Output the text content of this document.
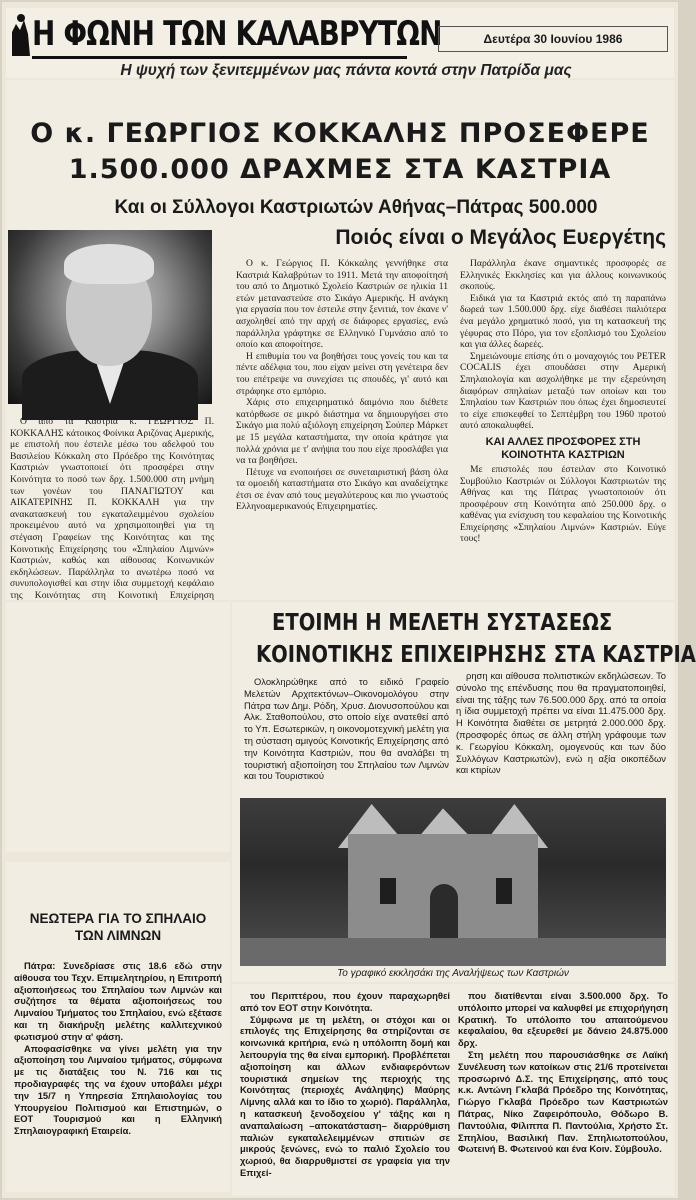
Η ΦΩΝΗ ΤΩΝ ΚΑΛΑΒΡΥΤΩΝ	Δευτέρα 30 Ιουνίου 1986
Η ψυχή των ξενιτεμμένων μας πάντα κοντά στην Πατρίδα μας
Ο κ. ΓΕΩΡΓΙΟΣ ΚΟΚΚΑΛΗΣ ΠΡΟΣΕΦΕΡΕ
1.500.000 ΔΡΑΧΜΕΣ ΣΤΑ ΚΑΣΤΡΙΑ
Και οι Σύλλογοι Καστριωτών Αθήνας–Πάτρας 500.000
Ποιός είναι ο Μεγάλος Ευεργέτης

Ο από τα Καστριά κ. ΓΕΩΡΓΙΟΣ Π. ΚΟΚΚΑΛΗΣ κάτοικος Φοίνικα Αριζόνας Αμερικής, με επιστολή που έστειλε μέσω του αδελφού του Βασιλείου Κόκκαλη στο Πρόεδρο της Κοινότητας Καστριών γνωστοποιεί ότι προσφέρει στην Κοινότητα το ποσό των δρχ. 1.500.000 στη μνήμη των γονέων του ΠΑΝΑΓΙΩΤΟΥ και ΑΙΚΑΤΕΡΙΝΗΣ Π. ΚΟΚΚΑΛΗ για την ανακατασκευή του εγκαταλειμμένου σχολείου προκειμένου αυτό να χρησιμοποιηθεί για τη στέγαση Γραφείων της Κοινότητας και της Κοινοτικής Επιχείρησης του «Σπηλαίου Λιμνών» Καστριών, καθώς και αίθουσας Κοινωνικών εκδηλώσεων. Παράλληλα το ανωτέρω ποσό να συνυπολογισθεί και στην ίδια συμμετοχή κεφάλαιο της Κοινότητας στη Κοινοτική Επιχείρηση

Ο κ. Γεώργιος Π. Κόκκαλης γεννήθηκε στα Καστριά Καλαβρύτων το 1911. Μετά την αποφοίτησή του από το Δημοτικό Σχολείο Καστριών σε ηλικία 11 ετών μεταναστεύσε στο Σικάγο Αμερικής. Η ανάγκη για εργασία που τον έστειλε στην ξενιτιά, τον έκανε ν' ασχοληθεί από την αρχή σε διάφορες εργασίες, ενώ παράλληλα γράφτηκε σε Ελληνικό Γυμνάσιο από το οποίο και αποφοίτησε.

Η επιθυμία του να βοηθήσει τους γονείς του και τα πέντε αδέλφια του, που είχαν μείνει στη γενέτειρα δεν του επέτρεψε να συνεχίσει τις σπουδές, γι' αυτό και στράφηκε στο εμπόριο.

Χάρις στο επιχειρηματικό δαιμόνιο που διέθετε κατόρθωσε σε μικρό διάστημα να δημιουργήσει στο Σικάγο μια πολύ αξιόλογη επιχείρηση Σούπερ Μάρκετ με 15 μεγάλα καταστήματα, την οποία κράτησε για πολλά χρόνια με τ' ανήψια του που είχε προσλάβει για να τα βοηθήσει.

Πέτυχε να ενοποιήσει σε συνεταιριστική βάση όλα τα ομοειδή καταστήματα στο Σικάγο και αναδείχτηκε έτσι σε έναν από τους μεγαλύτερους και πιο γνωστούς Ελληνοαμερικανούς Επιχειρηματίες.

Παράλληλα έκανε σημαντικές προσφορές σε Ελληνικές Εκκλησίες και για άλλους κοινωνικούς σκοπούς.

Ειδικά για τα Καστριά εκτός από τη παραπάνω δωρεά των 1.500.000 δρχ. είχε διαθέσει παλιότερα ένα μεγάλο χρηματικό ποσό, για τη κατασκευή της γέφυρας στο Πόρο, για τον εξοπλισμό του Σχολείου και για άλλες δωρεές.

Σημειώνουμε επίσης ότι ο μοναχογιός του PETER COCALIS έχει σπουδάσει στην Αμερική Σπηλαιολογία και ασχολήθηκε με την εξερεύνηση διαφόρων σπηλαίων μεταξύ των οποίων και του Σπηλαίου των Καστριών που όπως έχει δημοσιευτεί το είχε επισκεφθεί το Σεπτέμβρη του 1960 προτού αυτό αποκαλυφθεί.

ΚΑΙ ΑΛΛΕΣ ΠΡΟΣΦΟΡΕΣ ΣΤΗ ΚΟΙΝΟΤΗΤΑ ΚΑΣΤΡΙΩΝ

Με επιστολές που έστειλαν στο Κοινοτικό Συμβούλιο Καστριών οι Σύλλογοι Καστριωτών της Αθήνας και της Πάτρας γνωστοποιούν ότι προσφέρουν στη Κοινότητα από 250.000 δρχ. ο καθένας για ενίσχυση του κεφαλαίου της Κοινοτικής Επιχείρησης «Σπηλαίου Λιμνών» Καστριών. Εύγε τους!

ΕΤΟΙΜΗ Η ΜΕΛΕΤΗ ΣΥΣΤΑΣΕΩΣ
ΚΟΙΝΟΤΙΚΗΣ ΕΠΙΧΕΙΡΗΣΗΣ ΣΤΑ ΚΑΣΤΡΙΑ

Ολοκληρώθηκε από το ειδικό Γραφείο Μελετών Αρχιτεκτόνων–Οικονομολόγου στην Πάτρα των Δημ. Ρόδη, Χρυσ. Διονυσοπούλου και Αλκ. Σταθοπούλου, στο οποίο είχε ανατεθεί από το Υπ. Εσωτερικών, η οικονομοτεχνική μελέτη για τη σύσταση αμιγούς Κοινοτικής Επιχείρησης από την Κοινότητα Καστριών, που θα αναλάβει τη τουριστική αξιοποίηση του Σπηλαίου των Λιμνών και του Τουριστικού

ρηση και αίθουσα πολιτιστικών εκδηλώσεων. Το σύνολο της επένδυσης που θα πραγματοποιηθεί, είναι της τάξης των 76.500.000 δρχ. από τα οποία η ίδια συμμετοχή πρέπει να είναι 11.475.000 δρχ. Η Κοινότητα διαθέτει σε μετρητά 2.000.000 δρχ. (προσφορές όπως σε άλλη στήλη γράφουμε των κ. Γεωργίου Κόκκαλη, ομογενούς και των δύο Συλλόγων Καστριωτών), ενώ η αξία οικοπέδων και κτιρίων

Το γραφικό εκκλησάκι της Αναλήψεως των Καστριών
ΝΕΩΤΕΡΑ ΓΙΑ ΤΟ ΣΠΗΛΑΙΟ ΤΩΝ ΛΙΜΝΩΝ

Πάτρα: Συνεδρίασε στις 18.6 εδώ στην αίθουσα του Τεχν. Επιμελητηρίου, η Επιτροπή αξιοποιήσεως του Σπηλαίου των Λιμνών και συζήτησε τα θέματα αξιοποιήσεως του Λιμναίου Τμήματος του Σπηλαίου, ενώ εξέτασε και τη διακήρυξη μελέτης καλλιτεχνικού φωτισμού στην α' φάση.

Αποφασίσθηκε να γίνει μελέτη για την αξιοποίηση του Λιμναίου τμήματος, σύμφωνα με τις διατάξεις του Ν. 716 και τις προδιαγραφές της να έχουν υποβάλει μέχρι την 15/7 η Υπηρεσία Σπηλαιολογίας του Υπουργείου Πολιτισμού και Επιστημών, ο ΕΟΤ Τουρισμού και η Ελληνική Σπηλαιογραφική Εταιρεία.

του Περιπτέρου, που έχουν παραχωρηθεί από τον ΕΟΤ στην Κοινότητα.

Σύμφωνα με τη μελέτη, οι στόχοι και οι επιλογές της Επιχείρησης θα στηρίζονται σε κοινωνικά κριτήρια, ενώ η υπόλοιπη δομή και λειτουργία της θα είναι εμπορική. Προβλέπεται αξιοποίηση και άλλων ενδιαφερόντων τουριστικά σημείων της περιοχής της Κοινότητας (περιοχές Ανάληψης) Μαύρης Λίμνης αλλά και το ίδιο το χωριό). Παράλληλα, η κατασκευή ξενοδοχείου γ' τάξης και η αναπαλαίωση –αποκατάσταση– διαρρύθμιση παλιών εγκαταλελειμμένων σπιτιών σε μικρούς ξενώνες, ενώ το παλιό Σχολείο του χωριού, θα διαρρυθμιστεί σε γραφεία για την Επιχεί-

που διατίθενται είναι 3.500.000 δρχ. Το υπόλοιπο μπορεί να καλυφθεί με επιχορήγηση Κρατική. Το υπόλοιπο του απαιτούμενου κεφαλαίου, θα εξευρεθεί με δάνειο 24.875.000 δρχ.

Στη μελέτη που παρουσιάσθηκε σε Λαϊκή Συνέλευση των κατοίκων στις 21/6 προτείνεται προσωρινό Δ.Σ. της Επιχείρησης, από τους κ.κ. Αντώνη Γκλαβά Πρόεδρο της Κοινότητας, Γιώργο Γκλαβά Πρόεδρο των Καστριωτών Πάτρας, Νίκο Ζαφειρόπουλο, Θόδωρο Β. Παντούλια, Φίλιππα Π. Παντούλια, Χρήστο Στ. Σπηλίου, Βασιλική Παν. Σπηλιωτοπούλου, Φωτεινή Β. Φωτεινού και ένα Κοιν. Σύμβουλο.
